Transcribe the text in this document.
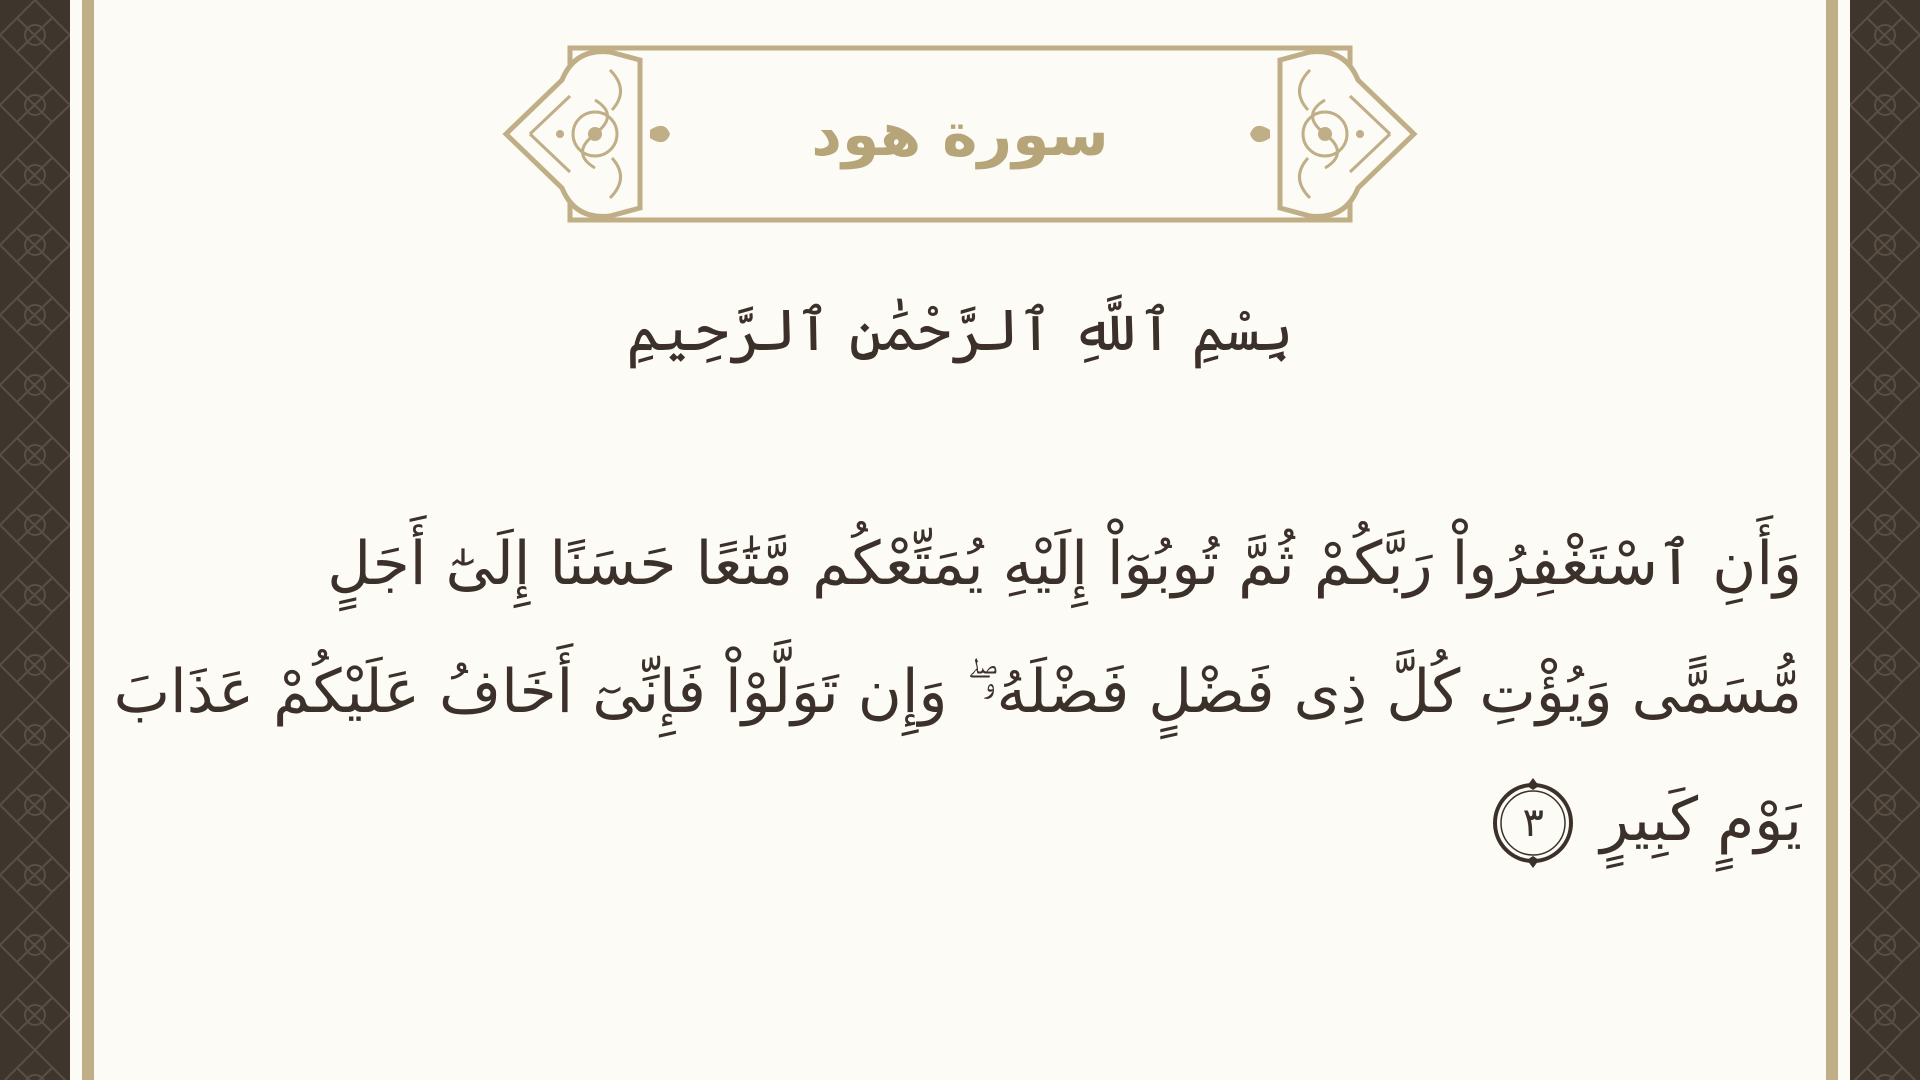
سورة هود
بِسْمِ ٱللَّهِ ٱلرَّحْمَٰنِ ٱلرَّحِيمِ
وَأَنِ ٱسْتَغْفِرُواْ رَبَّكُمْ ثُمَّ تُوبُوٓاْ إِلَيْهِ يُمَتِّعْكُم مَّتَٰعًا حَسَنًا إِلَىٰٓ أَجَلٍ
مُّسَمًّى وَيُؤْتِ كُلَّ ذِى فَضْلٍ فَضْلَهُۥ ۖ وَإِن تَوَلَّوْاْ فَإِنِّىٓ أَخَافُ عَلَيْكُمْ عَذَابَ
يَوْمٍ كَبِيرٍ
٣
